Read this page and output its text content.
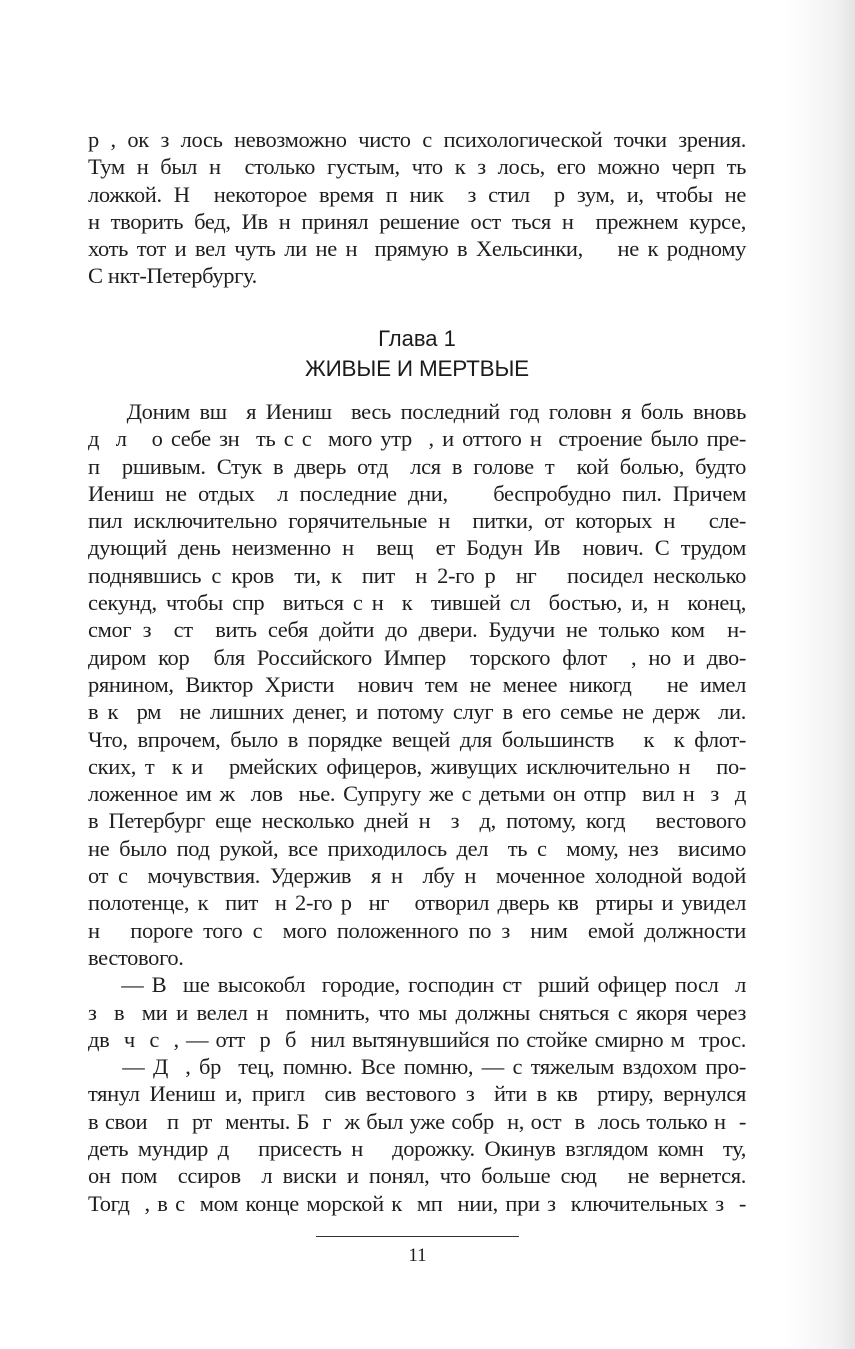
р , ок з лось невозможно чисто с психологической точки зрения.
Тум н был н  столько густым, что к з лось, его можно черп ть
ложкой. Н  некоторое время п ник  з стил  р зум, и, чтобы не
н творить бед, Ив н принял решение ост ться н  прежнем курсе,
хоть тот и вел чуть ли не н  прямую в Хельсинки,    не к родному
С нкт-Петербургу.
Глава 1
ЖИВЫЕ И МЕРТВЫЕ
Доним вш  я Иениш  весь последний год головн я боль вновь
д  л   о себе зн  ть с с  мого утр  , и оттого н  строение было пре-
п  ршивым. Стук в дверь отд  лся в голове т  кой болью, будто
Иениш не отдых  л последние дни,    беспробудно пил. Причем
пил исключительно горячительные н  питки, от которых н   сле-
дующий день неизменно н  вещ  ет Бодун Ив  нович. С трудом
поднявшись с кров  ти, к  пит  н 2-го р  нг   посидел несколько
секунд, чтобы спр  виться с н  к  тившей сл  бостью, и, н  конец,
смог з  ст  вить себя дойти до двери. Будучи не только ком  н-
диром кор  бля Российского Импер  торского флот  , но и дво-
рянином, Виктор Христи  нович тем не менее никогд   не имел
в к  рм  не лишних денег, и потому слуг в его семье не держ  ли.
Что, впрочем, было в порядке вещей для большинств   к  к флот-
ских, т  к и   рмейских офицеров, живущих исключительно н   по-
ложенное им ж  лов  нье. Супругу же с детьми он отпр  вил н  з  д
в Петербург еще несколько дней н  з  д, потому, когд   вестового
не было под рукой, все приходилось дел  ть с  мому, нез  висимо
от с  мочувствия. Удержив  я н  лбу н  моченное холодной водой
полотенце, к  пит  н 2-го р  нг   отворил дверь кв  ртиры и увидел
н   пороге того с  мого положенного по з  ним  емой должности
вестового.
— В  ше высокобл  городие, господин ст  рший офицер посл  л
з  в  ми и велел н  помнить, что мы должны сняться с якоря через
дв  ч  с  , — отт  р  б  нил вытянувшийся по стойке смирно м  трос.
— Д  , бр  тец, помню. Все помню, — с тяжелым вздохом про-
тянул Иениш и, пригл  сив вестового з  йти в кв  ртиру, вернулся
в свои   п  рт  менты. Б  г  ж был уже собр  н, ост  в  лось только н  -
деть мундир д   присесть н   дорожку. Окинув взглядом комн  ту,
он пом  ссиров  л виски и понял, что больше сюд   не вернется.
Тогд  , в с  мом конце морской к  мп  нии, при з  ключительных з  -
11
